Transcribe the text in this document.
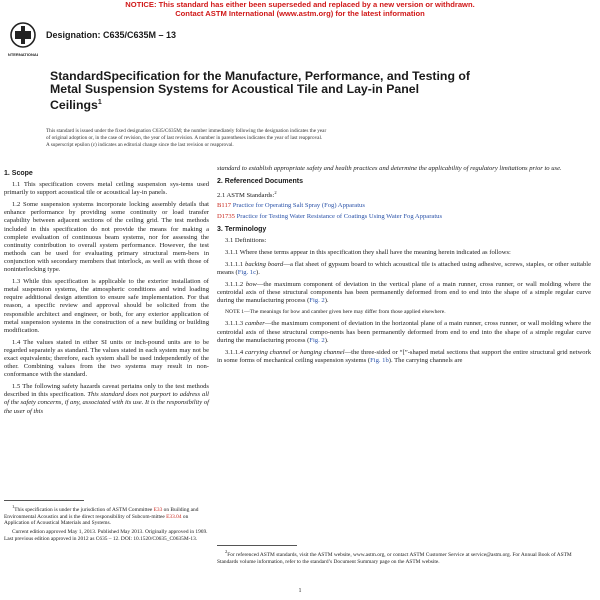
NOTICE: This standard has either been superseded and replaced by a new version or withdrawn.
Contact ASTM International (www.astm.org) for the latest information
INTERNATIONAL
Designation: C635/C635M – 13
StandardSpecification for the Manufacture, Performance, and Testing of Metal Suspension Systems for Acoustical Tile and Lay-in Panel Ceilings$^1$
This standard is issued under the fixed designation C635/C635M; the number immediately following the designation indicates the year
of original adoption or, in the case of revision, the year of last revision. A number in parentheses indicates the year of last reapproval.
A superscript epsilon (ε) indicates an editorial change since the last revision or reapproval.
1. Scope

1.1 This specification covers metal ceiling suspension sys-tems used primarily to support acoustical tile or acoustical lay-in panels.

1.2 Some suspension systems incorporate locking assembly details that enhance performance by providing some continuity or load transfer capability between adjacent sections of the ceiling grid. The test methods included in this specification do not provide the means for making a complete evaluation of continuous beam systems, nor for assessing the continuity contribution to overall system performance. However, the test methods can be used for evaluating primary structural mem-bers in conjunction with secondary members that interlock, as well as with those of noninterlocking type.

1.3 While this specification is applicable to the exterior installation of metal suspension systems, the atmospheric conditions and wind loading require additional design attention to ensure safe implementation. For that reason, a specific review and approval should be solicited from the responsible architect and engineer, or both, for any exterior application of metal suspension systems in the construction of a new building or building modification.

1.4 The values stated in either SI units or inch-pound units are to be regarded separately as standard. The values stated in each system may not be exact equivalents; therefore, each system shall be used independently of the other. Combining values from the two systems may result in non-conformance with the standard.

1.5 The following safety hazards caveat pertains only to the test methods described in this specification. This standard does not purport to address all of the safety concerns, if any, associated with its use. It is the responsibility of the user of this

$^1$This specification is under the jurisdiction of ASTM Committee E33 on Building and Environmental Acoustics and is the direct responsibility of Subcom-mittee E33.04 on Application of Acoustical Materials and Systems.

Current edition approved May 1, 2013. Published May 2013. Originally approved in 1969. Last previous edition approved in 2012 as C635 – 12. DOI: 10.1520/C0635_C0635M-13.

standard to establish appropriate safety and health practices and determine the applicability of regulatory limitations prior to use.

2. Referenced Documents

2.1 ASTM Standards:$^2$

B117 Practice for Operating Salt Spray (Fog) Apparatus

D1735 Practice for Testing Water Resistance of Coatings Using Water Fog Apparatus

3. Terminology

3.1 Definitions:

3.1.1 Where these terms appear in this specification they shall have the meaning herein indicated as follows:

3.1.1.1 backing board—a flat sheet of gypsum board to which acoustical tile is attached using adhesive, screws, staples, or other suitable means (Fig. 1c).

3.1.1.2 bow—the maximum component of deviation in the vertical plane of a main runner, cross runner, or wall molding where the centroidal axis of these structural components has been permanently deformed from end to end into the shape of a simple regular curve during the manufacturing process (Fig. 2).

NOTE 1—The meanings for bow and camber given here may differ from those applied elsewhere.

3.1.1.3 camber—the maximum component of deviation in the horizontal plane of a main runner, cross runner, or wall molding where the centroidal axis of these structural compo-nents has been permanently deformed from end to end into the shape of a simple regular curve during the manufacturing process (Fig. 2).

3.1.1.4 carrying channel or hanging channel—the three-sided or “[”-shaped metal sections that support the entire structural grid network in some forms of mechanical ceiling suspension systems (Fig. 1b). The carrying channels are

$^2$For referenced ASTM standards, visit the ASTM website, www.astm.org, or contact ASTM Customer Service at service@astm.org. For Annual Book of ASTM Standards volume information, refer to the standard’s Document Summary page on the ASTM website.

1
